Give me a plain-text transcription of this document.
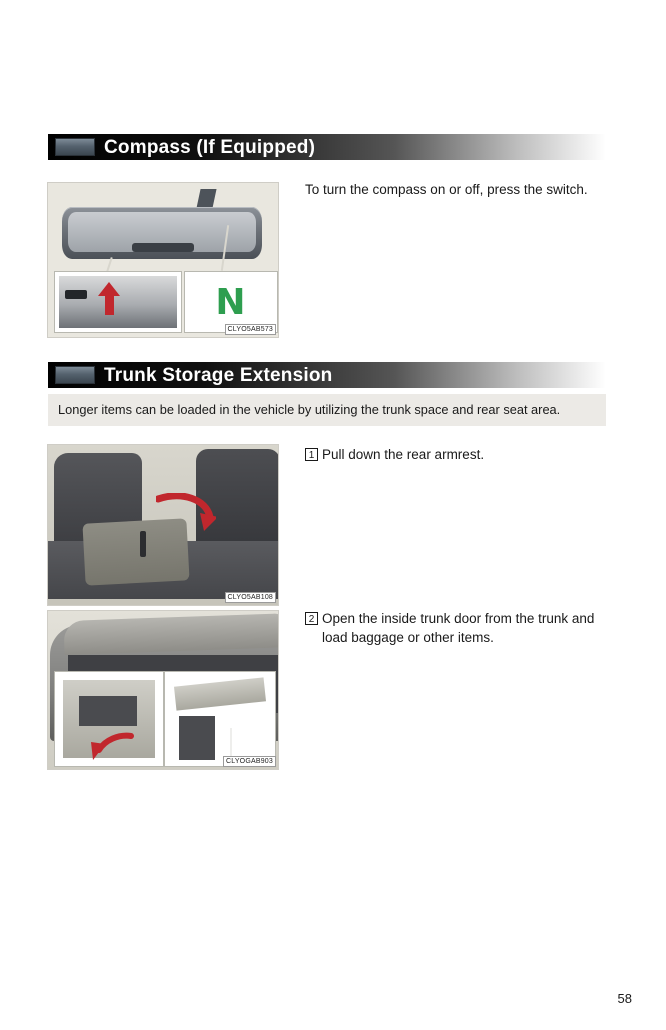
Compass (If Equipped)
N
CLYO5AB573
To turn the compass on or off, press the switch.
Trunk Storage Extension
Longer items can be loaded in the vehicle by utilizing the trunk space and rear seat area.
CLYO5AB108
1 Pull down the rear armrest.
CLYOGAB903
2 Open the inside trunk door from the trunk and load baggage or other items.
58
